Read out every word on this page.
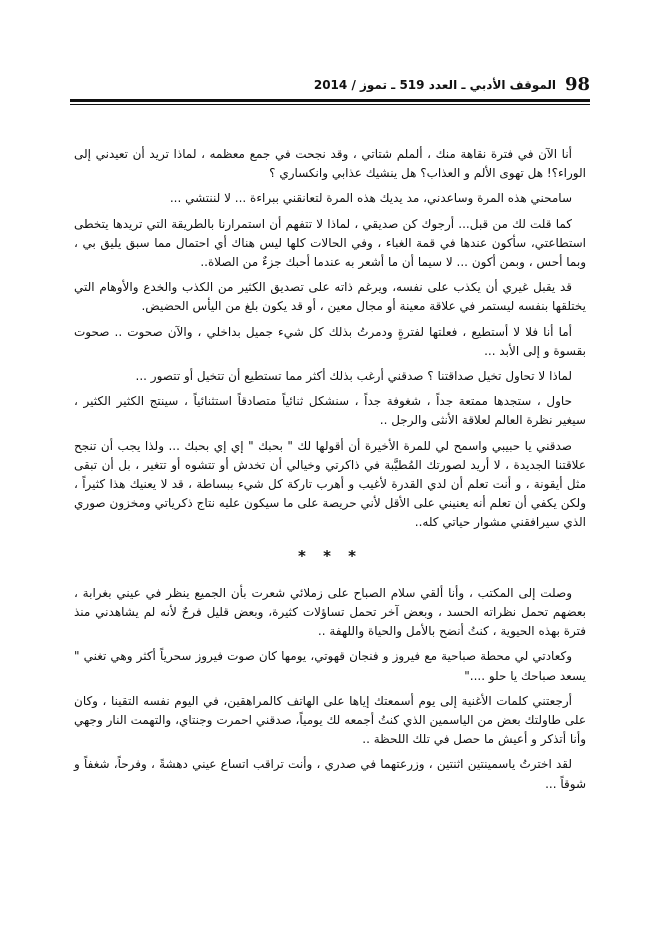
98
الموقف الأدبي ـ العدد 519 ـ تموز / 2014

أنا الآن في فترة نقاهة منك ، ألملم شتاتي ، وقد نجحت في جمع معظمه ، لماذا تريد أن تعيدني إلى الوراء؟! هل تهوى الألم و العذاب؟ هل ينشيك عذابي وانكساري ؟

سامحني هذه المرة وساعدني، مد يديك هذه المرة لتعانقني ببراءة ... لا لننتشي ...

كما قلت لك من قبل... أرجوك كن صديقي ، لماذا لا تتفهم أن استمرارنا بالطريقة التي تريدها يتخطى استطاعتي، سأكون عندها في قمة الغباء ، وفي الحالات كلها ليس هناك أي احتمال مما سبق يليق بي ، وبما أحس ، وبمن أكون ... لا سيما أن ما أشعر به عندما أحبك جزءٌ من الصلاة..

قد يقبل غيري أن يكذب على نفسه، ويرغم ذاته على تصديق الكثير من الكذب والخدع والأوهام التي يختلقها بنفسه ليستمر في علاقة معينة أو مجال معين ، أو قد يكون بلغ من اليأس الحضيض.

أما أنا فلا لا أستطيع ، فعلتها لفترةٍ ودمرتُ بذلك كل شيء جميل بداخلي ، والآن صحوت .. صحوت بقسوة و إلى الأبد ...

لماذا لا تحاول تخيل صداقتنا ؟ صدقني أرغب بذلك أكثر مما تستطيع أن تتخيل أو تتصور ...

حاول ، ستجدها ممتعة جداً ، شغوفة جداً ، سنشكل ثنائياً متصادقاً استثنائياً ، سينتج الكثير الكثير ، سيغير نظرة العالم لعلاقة الأنثى والرجل ..

صدقني يا حبيبي واسمح لي للمرة الأخيرة أن أقولها لك " بحبك " إي إي بحبك ... ولذا يجب أن تنجح علاقتنا الجديدة ، لا أريد لصورتك المُطيَّبة في ذاكرتي وخيالي أن تخدش أو تتشوه أو تتغير ، بل أن تبقى مثل أيقونة ، و أنت تعلم أن لدي القدرة لأغيب و أهرب تاركة كل شيء ببساطة ، قد لا يعنيك هذا كثيراً ، ولكن يكفي أن تعلم أنه يعنيني على الأقل لأني حريصة على ما سيكون عليه نتاج ذكرياتي ومخزون صوري الذي سيرافقني مشوار حياتي كله..

* * *

وصلت إلى المكتب ، وأنا ألقي سلام الصباح على زملائي شعرت بأن الجميع ينظر في عيني بغرابة ، بعضهم تحمل نظراته الحسد ، وبعض آخر تحمل تساؤلات كثيرة، وبعض قليل فرحٌ لأنه لم يشاهدني منذ فترة بهذه الحيوية ، كنتُ أنضح بالأمل والحياة واللهفة ..

وكعادتي لي محطة صباحية مع فيروز و فنجان قهوتي، يومها كان صوت فيروز سحرياً أكثر وهي تغني " يسعد صباحك يا حلو ...."

أرجعتني كلمات الأغنية إلى يوم أسمعتك إياها على الهاتف كالمراهقين، في اليوم نفسه التقينا ، وكان على طاولتك بعض من الياسمين الذي كنتُ أجمعه لك يومياً، صدقني احمرت وجنتاي، والتهمت النار وجهي وأنا أتذكر و أعيش ما حصل في تلك اللحظة ..

لقد اخترتُ ياسمينتين اثنتين ، وزرعتهما في صدري ، وأنت تراقب اتساع عيني دهشةً ، وفرحاً، شغفاً و شوقاً ...
